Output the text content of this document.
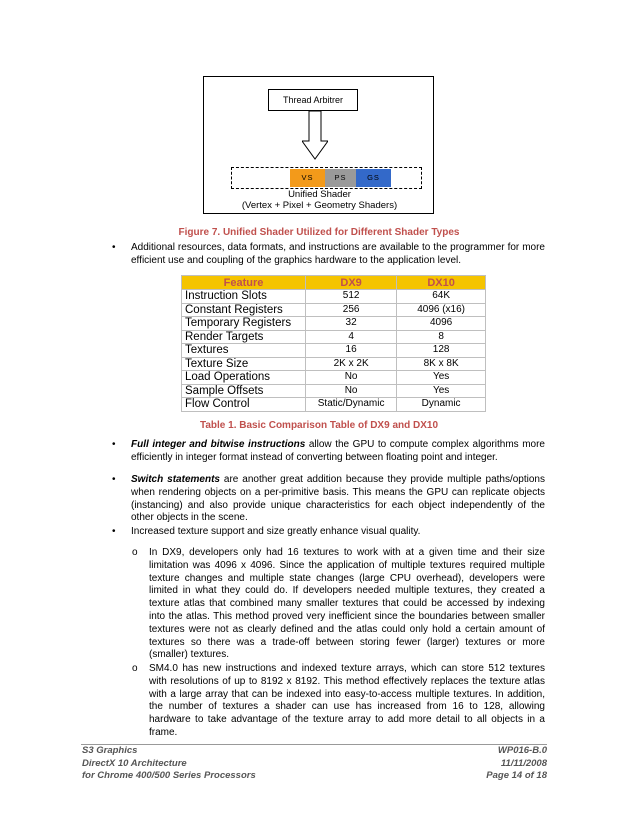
Thread Arbitrer
VS	PS	GS
Unified Shader
(Vertex + Pixel + Geometry Shaders)
Figure 7. Unified Shader Utilized for Different Shader Types
• Additional resources, data formats, and instructions are available to the programmer for more efficient use and coupling of the graphics hardware to the application level.
Feature	DX9	DX10
Instruction Slots	512	64K
Constant Registers	256	4096 (x16)
Temporary Registers	32	4096
Render Targets	4	8
Textures	16	128
Texture Size	2K x 2K	8K x 8K
Load Operations	No	Yes
Sample Offsets	No	Yes
Flow Control	Static/Dynamic	Dynamic
Table 1. Basic Comparison Table of DX9 and DX10
• Full integer and bitwise instructions allow the GPU to compute complex algorithms more efficiently in integer format instead of converting between floating point and integer.
• Switch statements are another great addition because they provide multiple paths/options when rendering objects on a per-primitive basis. This means the GPU can replicate objects (instancing) and also provide unique characteristics for each object independently of the other objects in the scene.
• Increased texture support and size greatly enhance visual quality.
o In DX9, developers only had 16 textures to work with at a given time and their size limitation was 4096 x 4096. Since the application of multiple textures required multiple texture changes and multiple state changes (large CPU overhead), developers were limited in what they could do. If developers needed multiple textures, they created a texture atlas that combined many smaller textures that could be accessed by indexing into the atlas. This method proved very inefficient since the boundaries between smaller textures were not as clearly defined and the atlas could only hold a certain amount of textures so there was a trade-off between storing fewer (larger) textures or more (smaller) textures.
o SM4.0 has new instructions and indexed texture arrays, which can store 512 textures with resolutions of up to 8192 x 8192. This method effectively replaces the texture atlas with a large array that can be indexed into easy-to-access multiple textures. In addition, the number of textures a shader can use has increased from 16 to 128, allowing hardware to take advantage of the texture array to add more detail to all objects in a frame.
S3 Graphics
DirectX 10 Architecture
for Chrome 400/500 Series Processors
WP016-B.0
11/11/2008
Page 14 of 18
